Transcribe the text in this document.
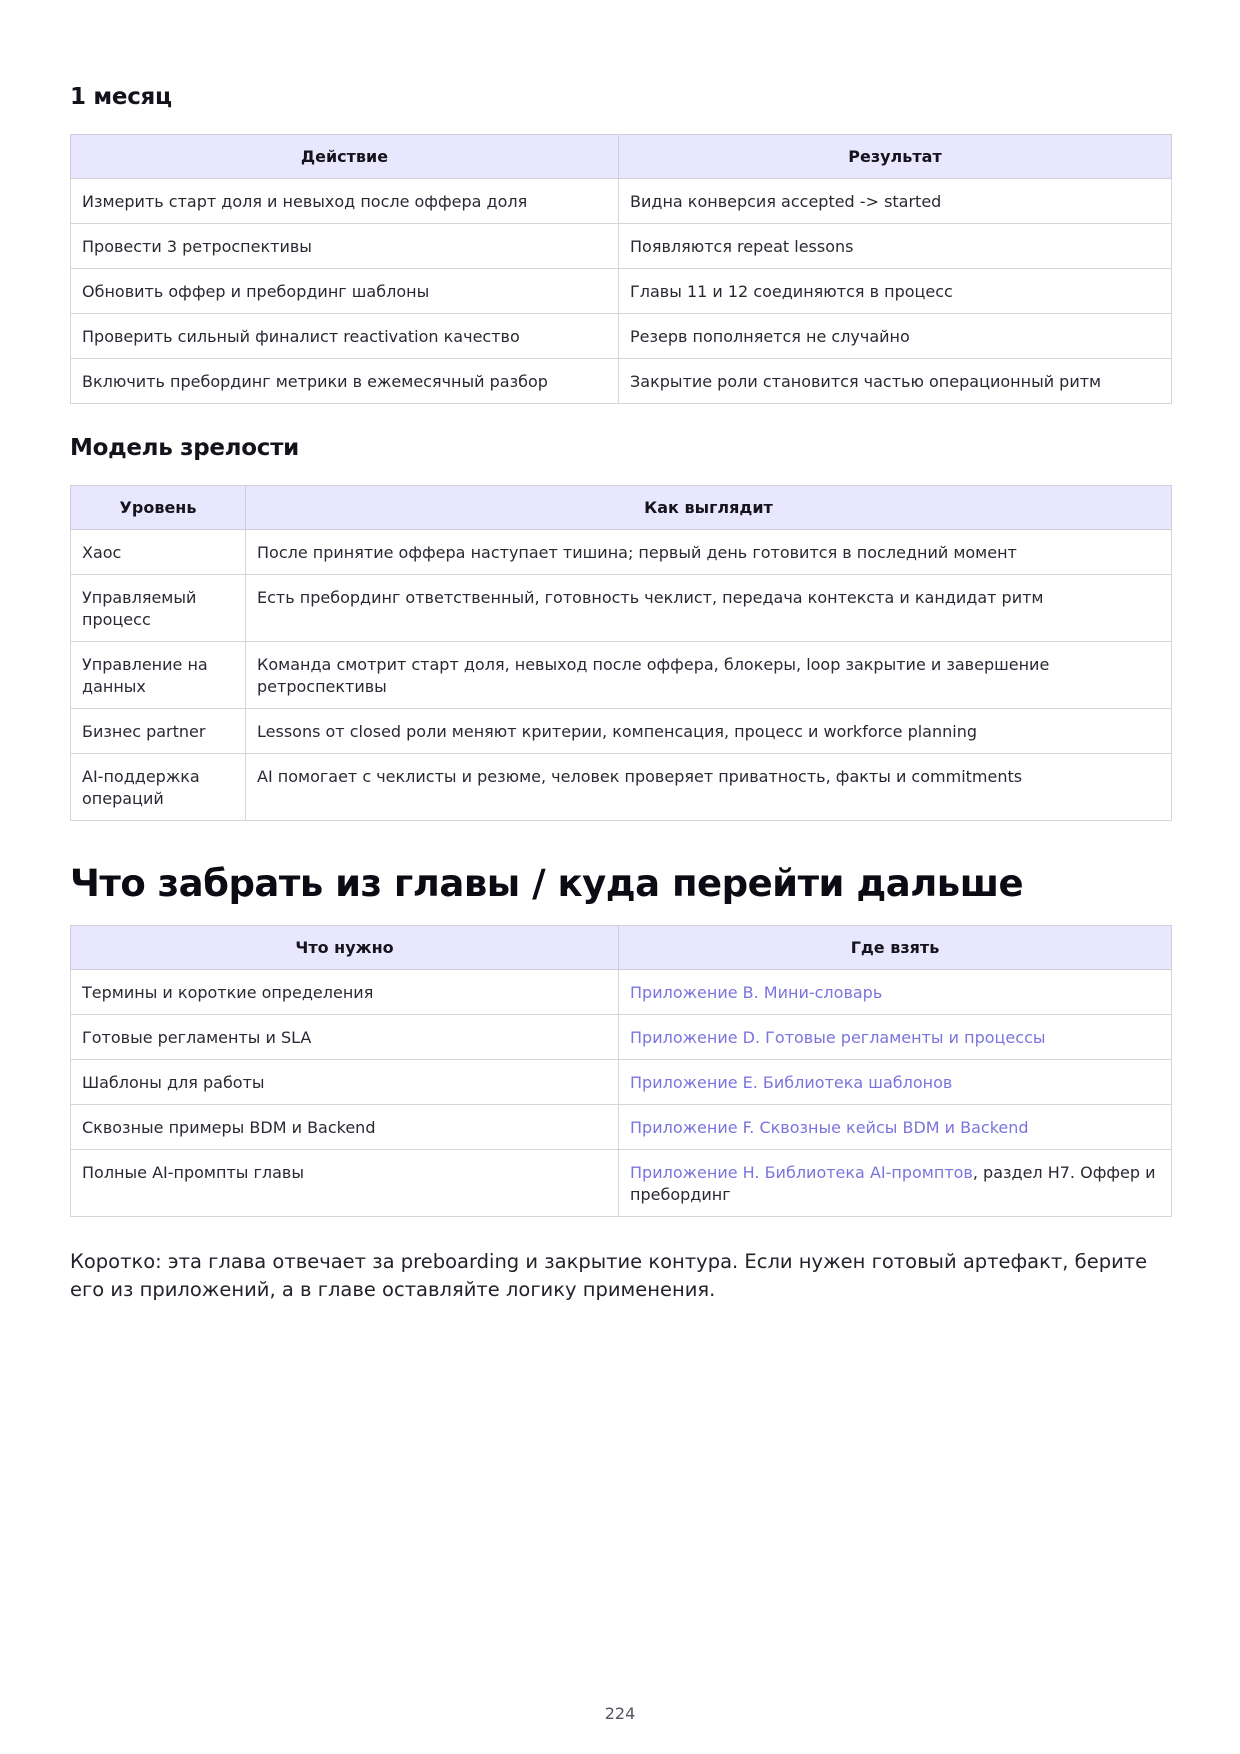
1 месяц
Действие	Результат
Измерить старт доля и невыход после оффера доля	Видна конверсия accepted -> started
Провести 3 ретроспективы	Появляются repeat lessons
Обновить оффер и пребординг шаблоны	Главы 11 и 12 соединяются в процесс
Проверить сильный финалист reactivation качество	Резерв пополняется не случайно
Включить пребординг метрики в ежемесячный разбор	Закрытие роли становится частью операционный ритм
Модель зрелости
Уровень	Как выглядит
Хаос	После принятие оффера наступает тишина; первый день готовится в последний момент
Управляемый процесс	Есть пребординг ответственный, готовность чеклист, передача контекста и кандидат ритм
Управление на данных	Команда смотрит старт доля, невыход после оффера, блокеры, loop закрытие и завершение ретроспективы
Бизнес partner	Lessons от closed роли меняют критерии, компенсация, процесс и workforce planning
AI-поддержка операций	AI помогает с чеклисты и резюме, человек проверяет приватность, факты и commitments
Что забрать из главы / куда перейти дальше
Что нужно	Где взять
Термины и короткие определения	Приложение B. Мини-словарь
Готовые регламенты и SLA	Приложение D. Готовые регламенты и процессы
Шаблоны для работы	Приложение E. Библиотека шаблонов
Сквозные примеры BDM и Backend	Приложение F. Сквозные кейсы BDM и Backend
Полные AI-промпты главы	Приложение H. Библиотека AI-промптов, раздел H7. Оффер и пребординг

Коротко: эта глава отвечает за preboarding и закрытие контура. Если нужен готовый артефакт, берите его из приложений, а в главе оставляйте логику применения.

224
